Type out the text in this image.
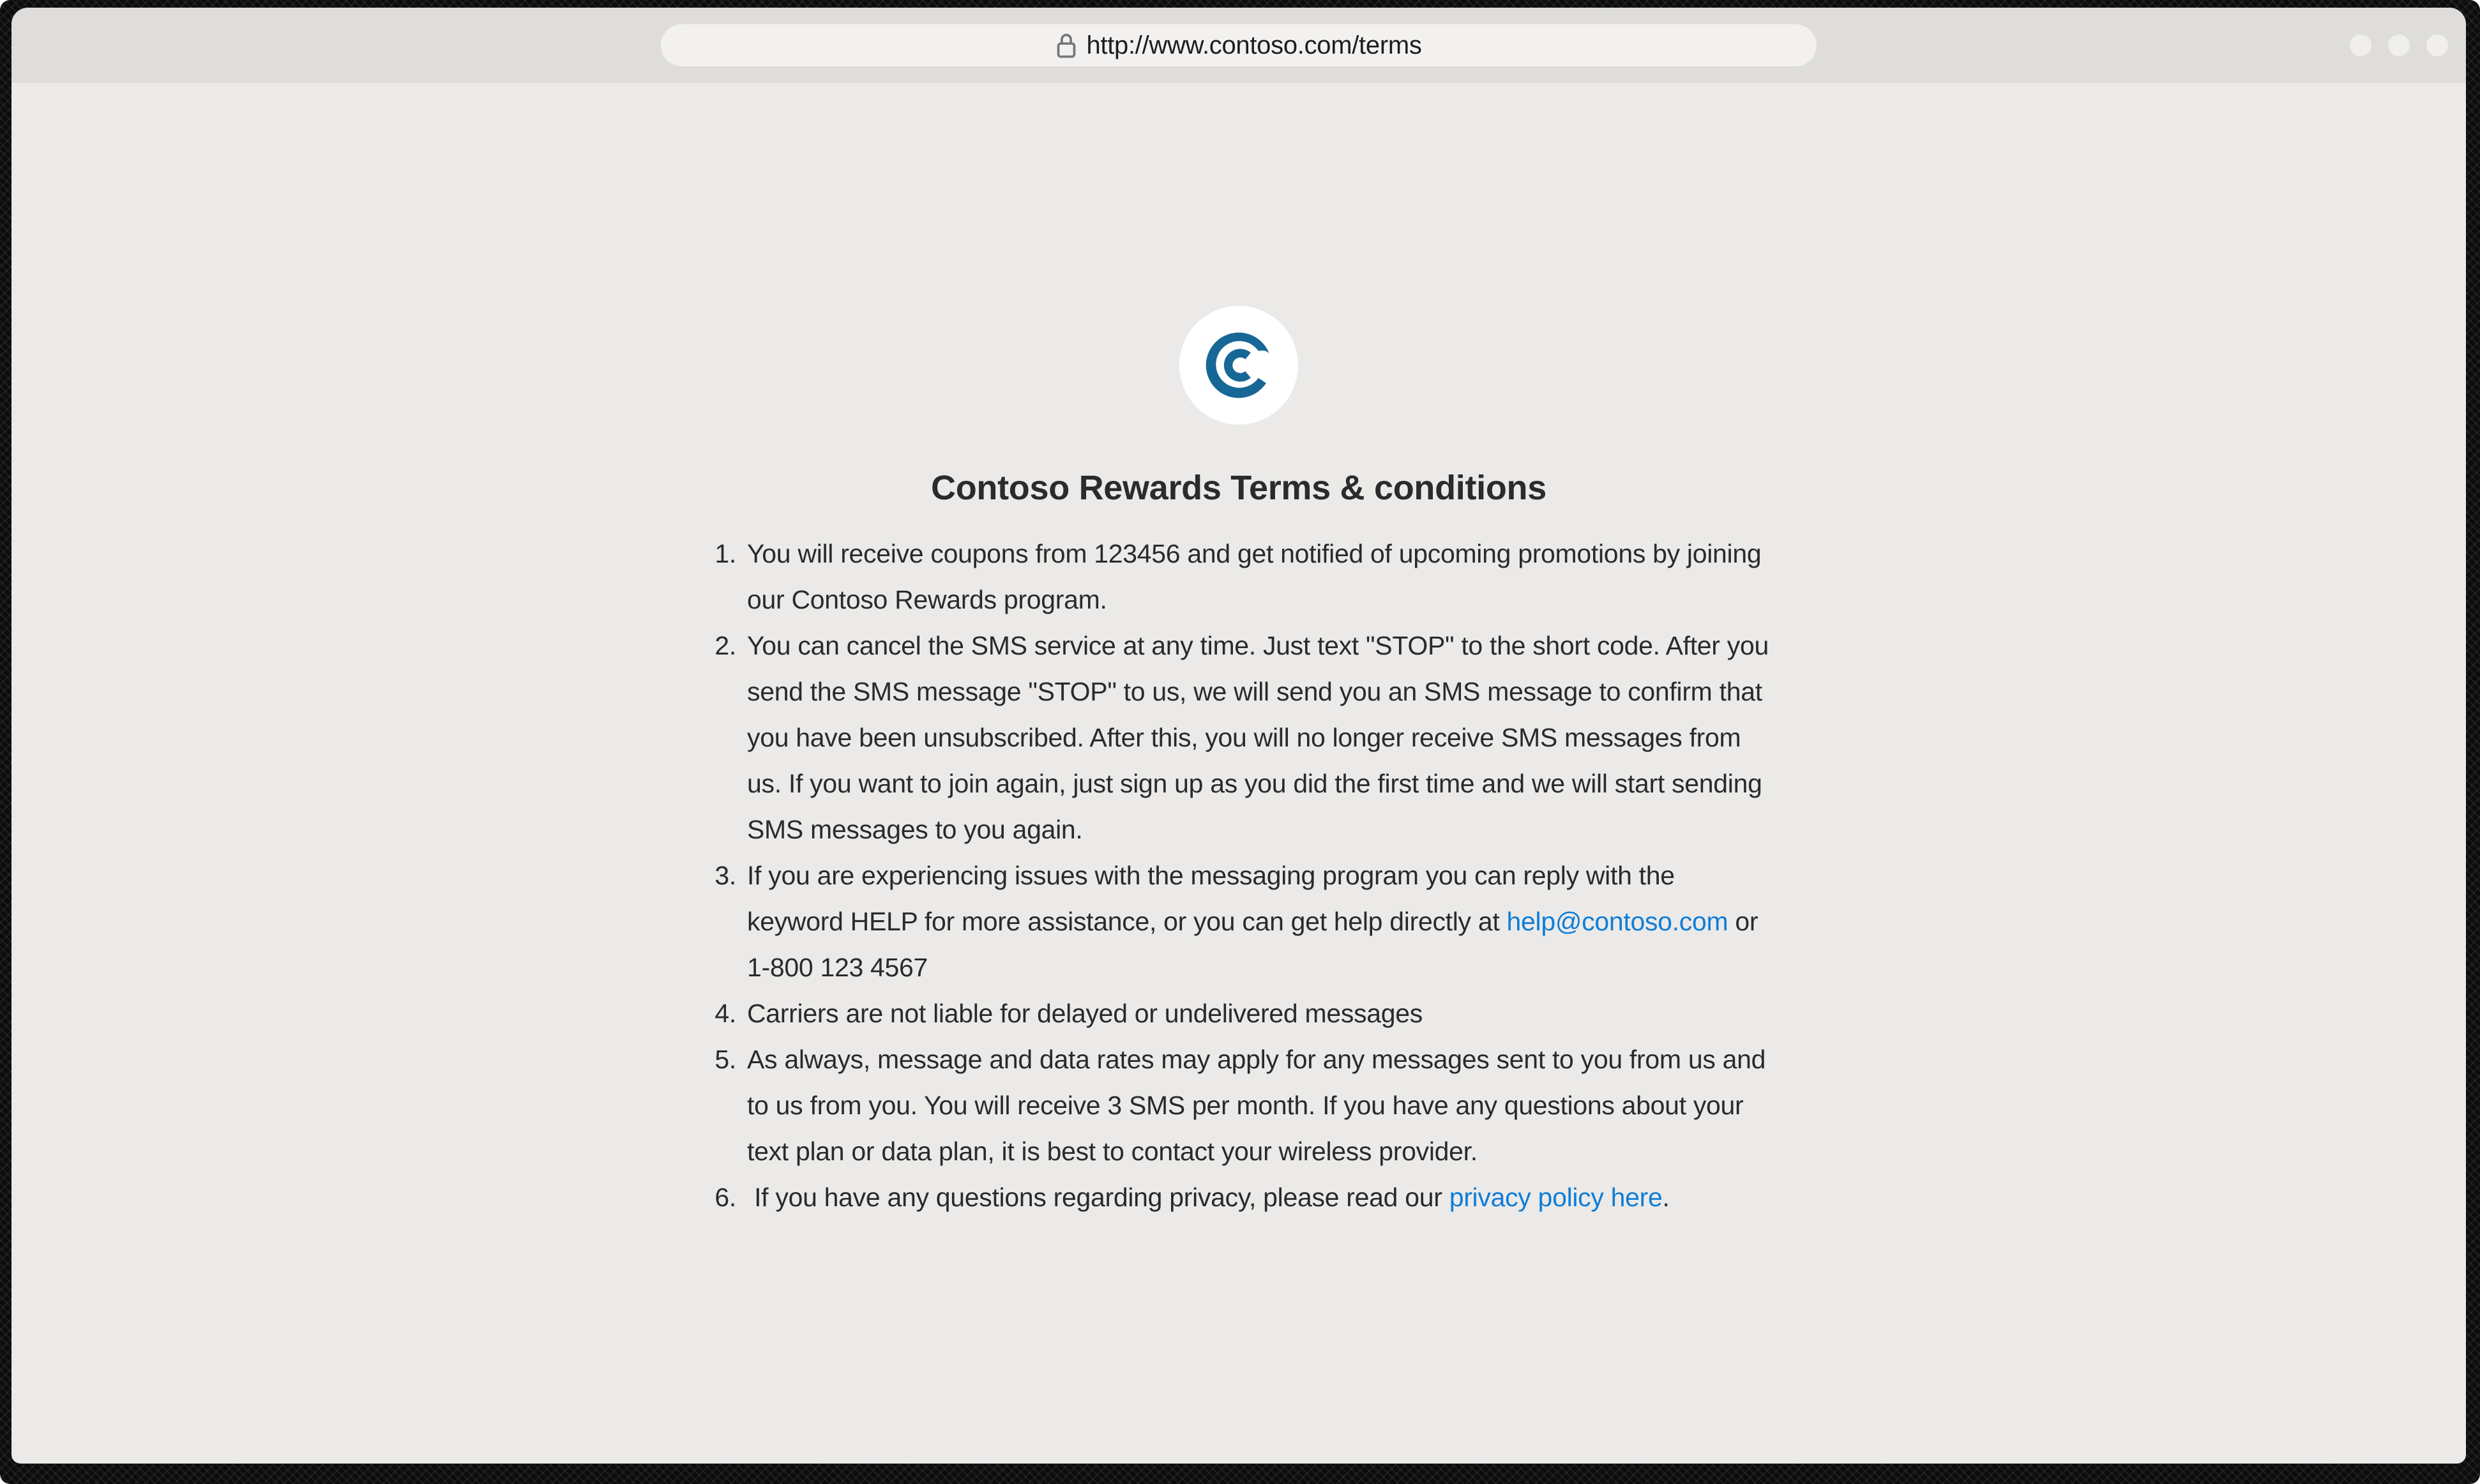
http://www.contoso.com/terms
Contoso Rewards Terms & conditions
1. You will receive coupons from 123456 and get notified of upcoming promotions by joining our Contoso Rewards program.
2. You can cancel the SMS service at any time. Just text "STOP" to the short code. After you send the SMS message "STOP" to us, we will send you an SMS message to confirm that you have been unsubscribed. After this, you will no longer receive SMS messages from us. If you want to join again, just sign up as you did the first time and we will start sending SMS messages to you again.
3. If you are experiencing issues with the messaging program you can reply with the keyword HELP for more assistance, or you can get help directly at help@contoso.com or 1-800 123 4567
4. Carriers are not liable for delayed or undelivered messages
5. As always, message and data rates may apply for any messages sent to you from us and to us from you. You will receive 3 SMS per month. If you have any questions about your text plan or data plan, it is best to contact your wireless provider.
6.  If you have any questions regarding privacy, please read our privacy policy here.
